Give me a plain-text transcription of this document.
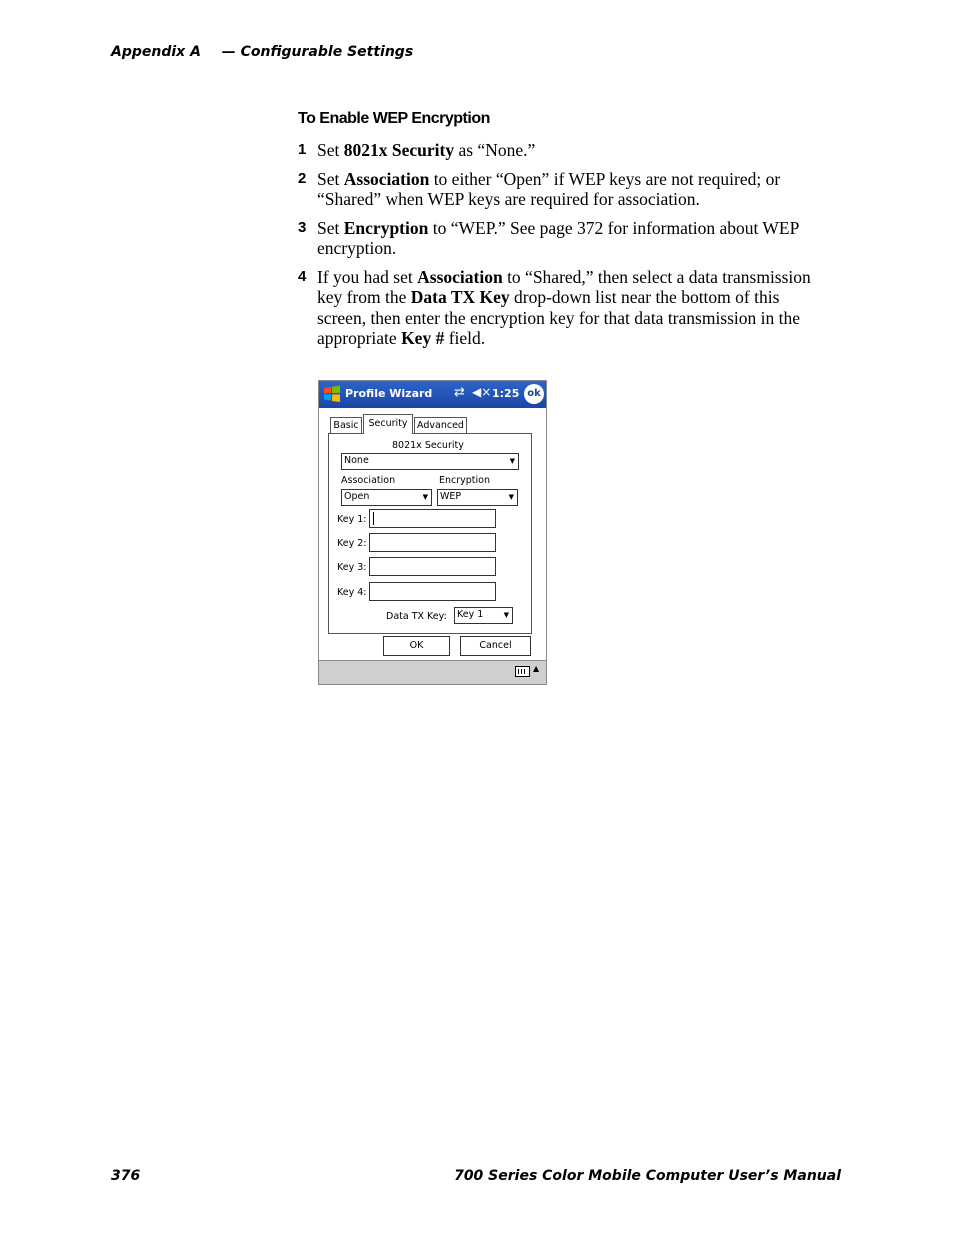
Appendix A — Configurable Settings
To Enable WEP Encryption
1 Set 8021x Security as “None.”
2 Set Association to either “Open” if WEP keys are not required; or “Shared” when WEP keys are required for association.
3 Set Encryption to “WEP.” See page 372 for information about WEP encryption.
4 If you had set Association to “Shared,” then select a data transmission key from the Data TX Key drop-down list near the bottom of this screen, then enter the encryption key for that data transmission in the appropriate Key # field.
Profile Wizard ⇄ ◀× 1:25 ok
Basic	Security	Advanced
8021x Security
None	▼
Association	Encryption
Open	▼ WEP	▼
Key 1:
Key 2:
Key 3:
Key 4:
Data TX Key: Key 1	▼
OK	Cancel
▲
376	700 Series Color Mobile Computer User’s Manual
